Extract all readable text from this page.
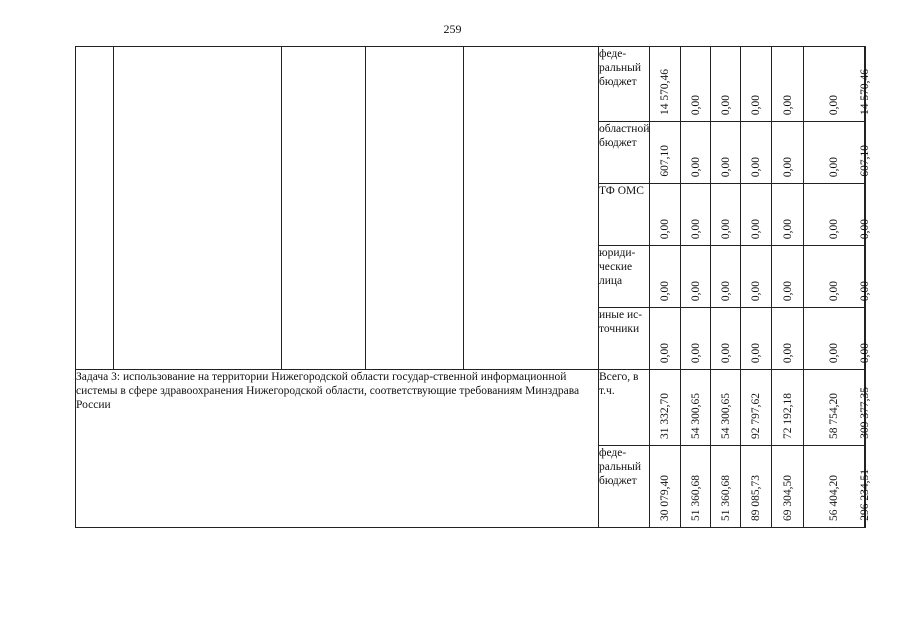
259
					феде-
ральный
бюджет	14 570,46	0,00	0,00	0,00	0,00	0,00	14 570,46

					областной
бюджет	607,10	0,00	0,00	0,00	0,00	0,00	607,10

					ТФ ОМС	0,00	0,00	0,00	0,00	0,00	0,00	0,00

					юриди-
ческие лица	0,00	0,00	0,00	0,00	0,00	0,00	0,00

					иные ис-
точники	0,00	0,00	0,00	0,00	0,00	0,00	0,00

Задача 3: использование на территории Нижегородской области государ-ственной информационной системы в сфере здравоохранения Нижегородской области, соответствующие требованиям Минздрава России					Всего, в т.ч.	31 332,70	54 300,65	54 300,65	92 797,62	72 192,18	58 754,20	309 377,35

					феде-
ральный
бюджет	30 079,40	51 360,68	51 360,68	89 085,73	69 304,50	56 404,20	296 234,51
